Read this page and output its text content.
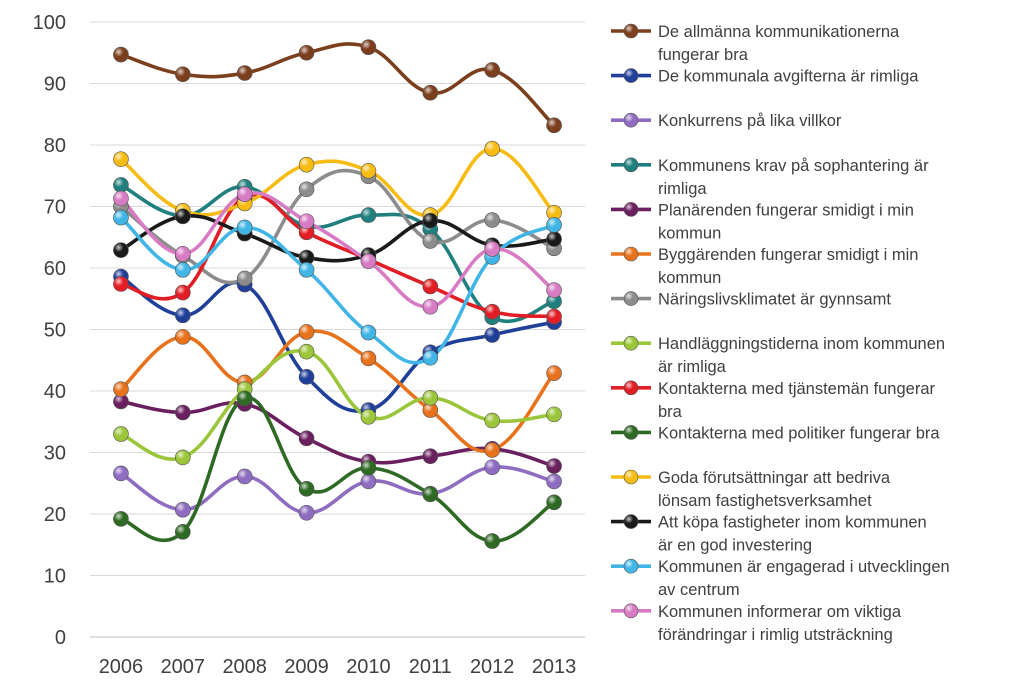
0
10
20
30
40
50
60
70
80
90
100
2006 2007 2008 2009 2010 2011 2012 2013
De allmänna kommunikationerna
fungerar bra
De kommunala avgifterna är rimliga
Konkurrens på lika villkor
Kommunens krav på sophantering är
rimliga
Planärenden fungerar smidigt i min
kommun
Byggärenden fungerar smidigt i min
kommun
Näringslivsklimatet är gynnsamt
Handläggningstiderna inom kommunen
är rimliga
Kontakterna med tjänstemän fungerar
bra
Kontakterna med politiker fungerar bra
Goda förutsättningar att bedriva
lönsam fastighetsverksamhet
Att köpa fastigheter inom kommunen
är en god investering
Kommunen är engagerad i utvecklingen
av centrum
Kommunen informerar om viktiga
förändringar i rimlig utsträckning
